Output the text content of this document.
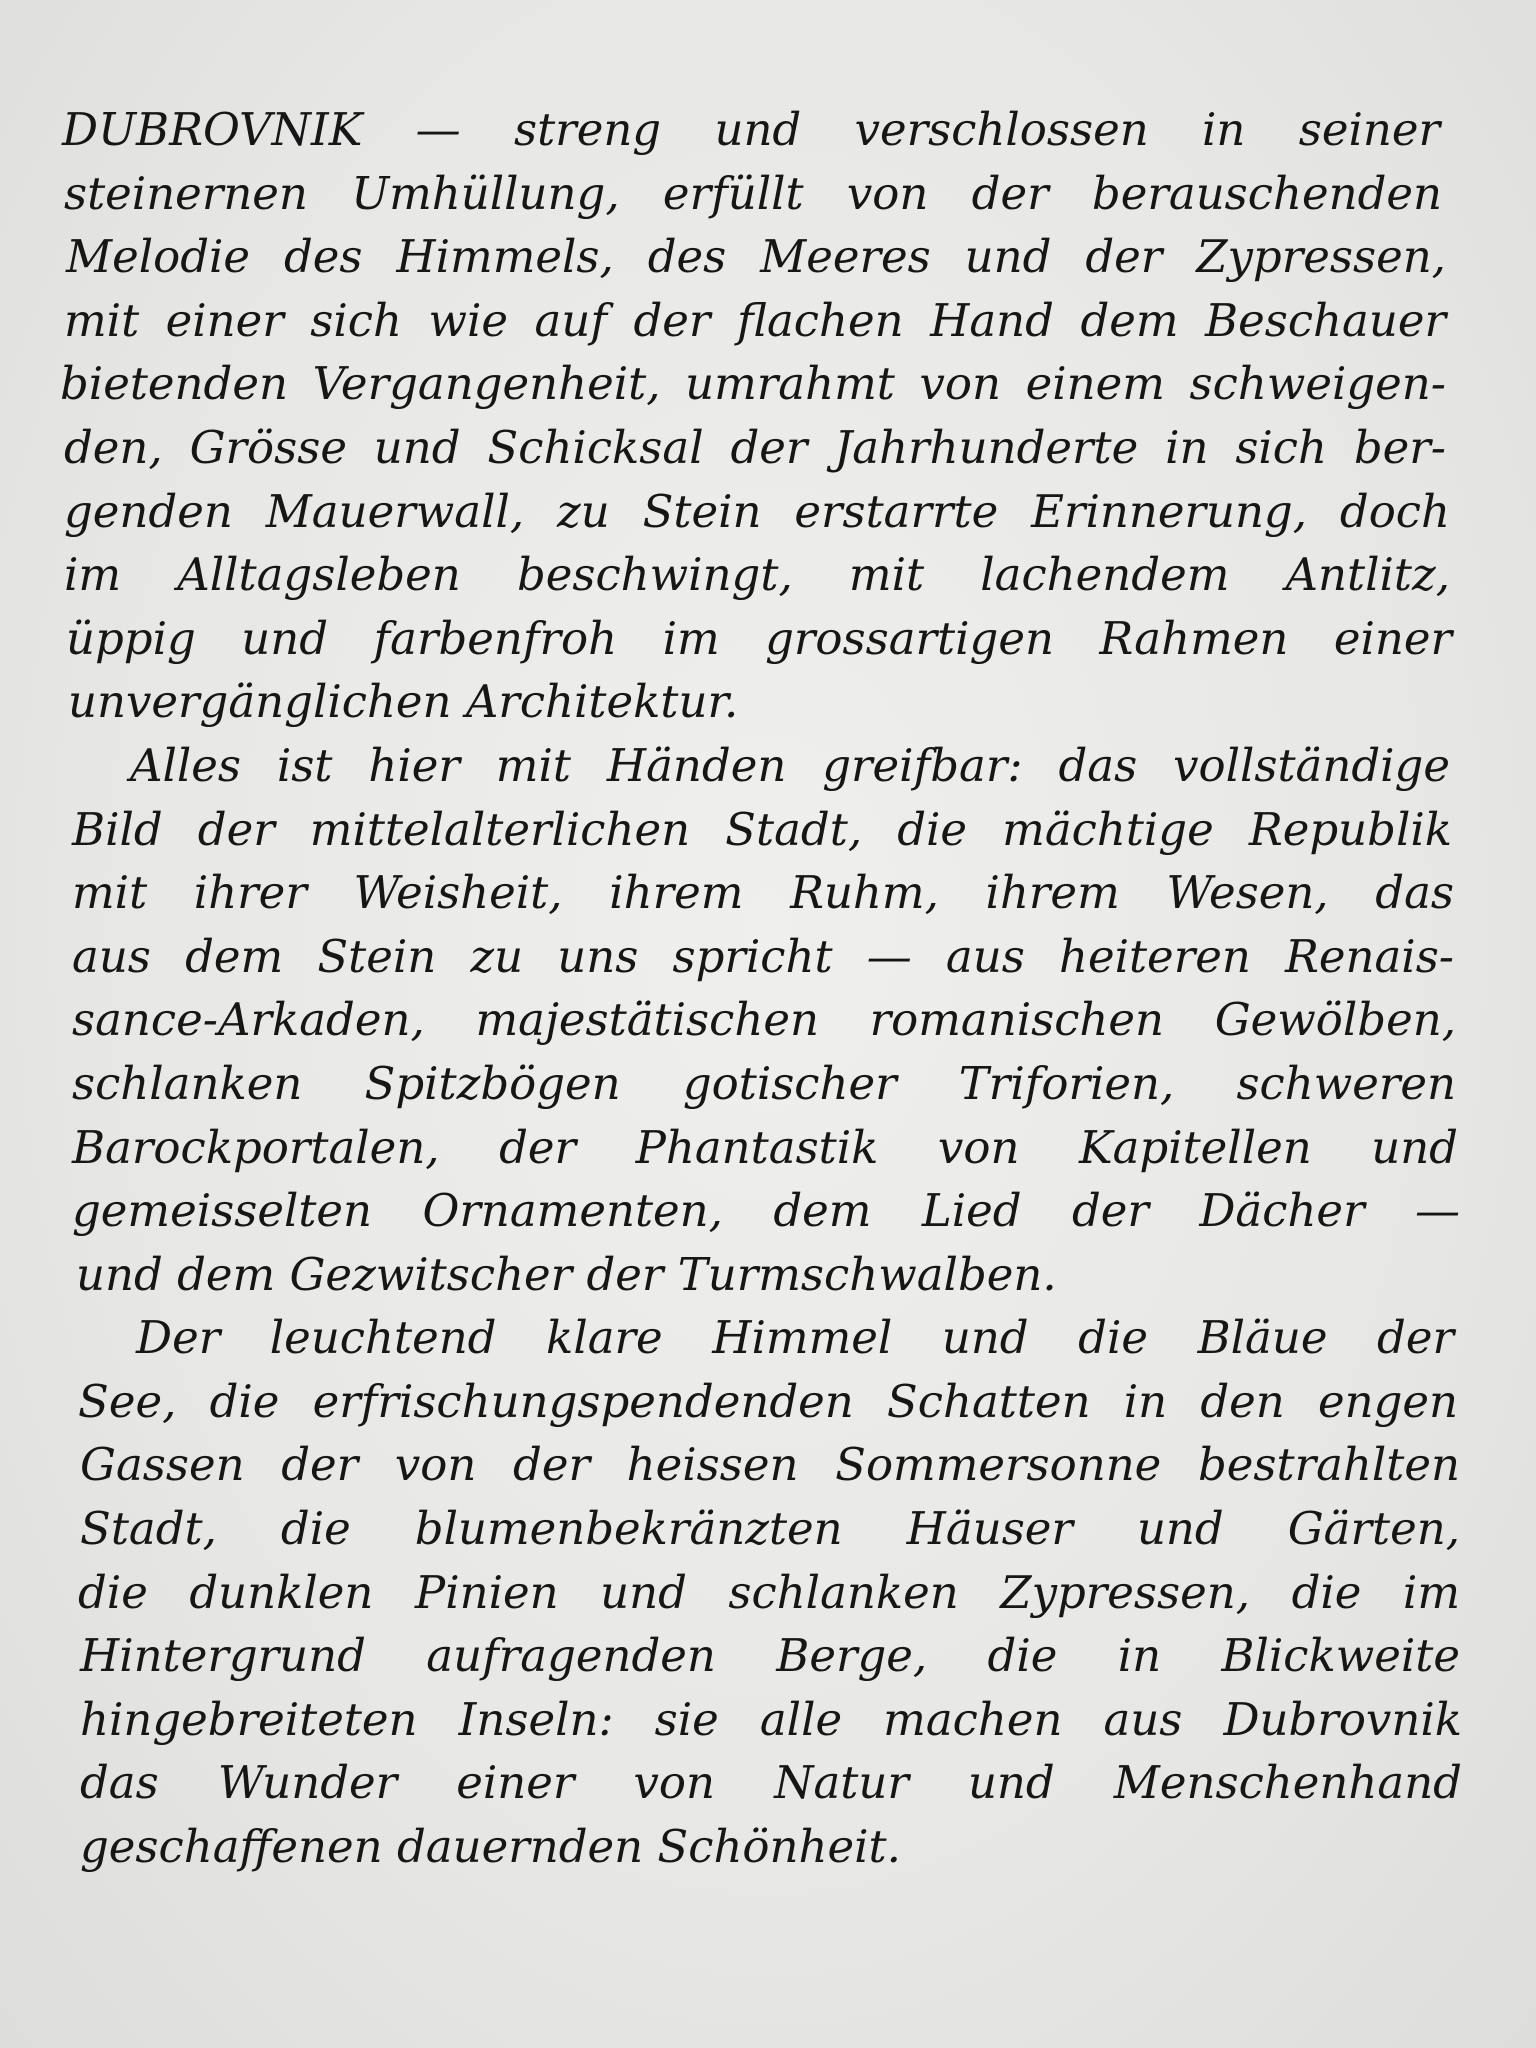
DUBROVNIK — streng und verschlossen in seiner
steinernen Umhüllung, erfüllt von der berauschenden
Melodie des Himmels, des Meeres und der Zypressen,
mit einer sich wie auf der flachen Hand dem Beschauer
bietenden Vergangenheit, umrahmt von einem schweigen-
den, Grösse und Schicksal der Jahrhunderte in sich ber-
genden Mauerwall, zu Stein erstarrte Erinnerung, doch
im Alltagsleben beschwingt, mit lachendem Antlitz,
üppig und farbenfroh im grossartigen Rahmen einer
unvergänglichen Architektur.
Alles ist hier mit Händen greifbar: das vollständige
Bild der mittelalterlichen Stadt, die mächtige Republik
mit ihrer Weisheit, ihrem Ruhm, ihrem Wesen, das
aus dem Stein zu uns spricht — aus heiteren Renais-
sance-Arkaden, majestätischen romanischen Gewölben,
schlanken Spitzbögen gotischer Triforien, schweren
Barockportalen, der Phantastik von Kapitellen und
gemeisselten Ornamenten, dem Lied der Dächer —
und dem Gezwitscher der Turmschwalben.
Der leuchtend klare Himmel und die Bläue der
See, die erfrischungspendenden Schatten in den engen
Gassen der von der heissen Sommersonne bestrahlten
Stadt, die blumenbekränzten Häuser und Gärten,
die dunklen Pinien und schlanken Zypressen, die im
Hintergrund aufragenden Berge, die in Blickweite
hingebreiteten Inseln: sie alle machen aus Dubrovnik
das Wunder einer von Natur und Menschenhand
geschaffenen dauernden Schönheit.
